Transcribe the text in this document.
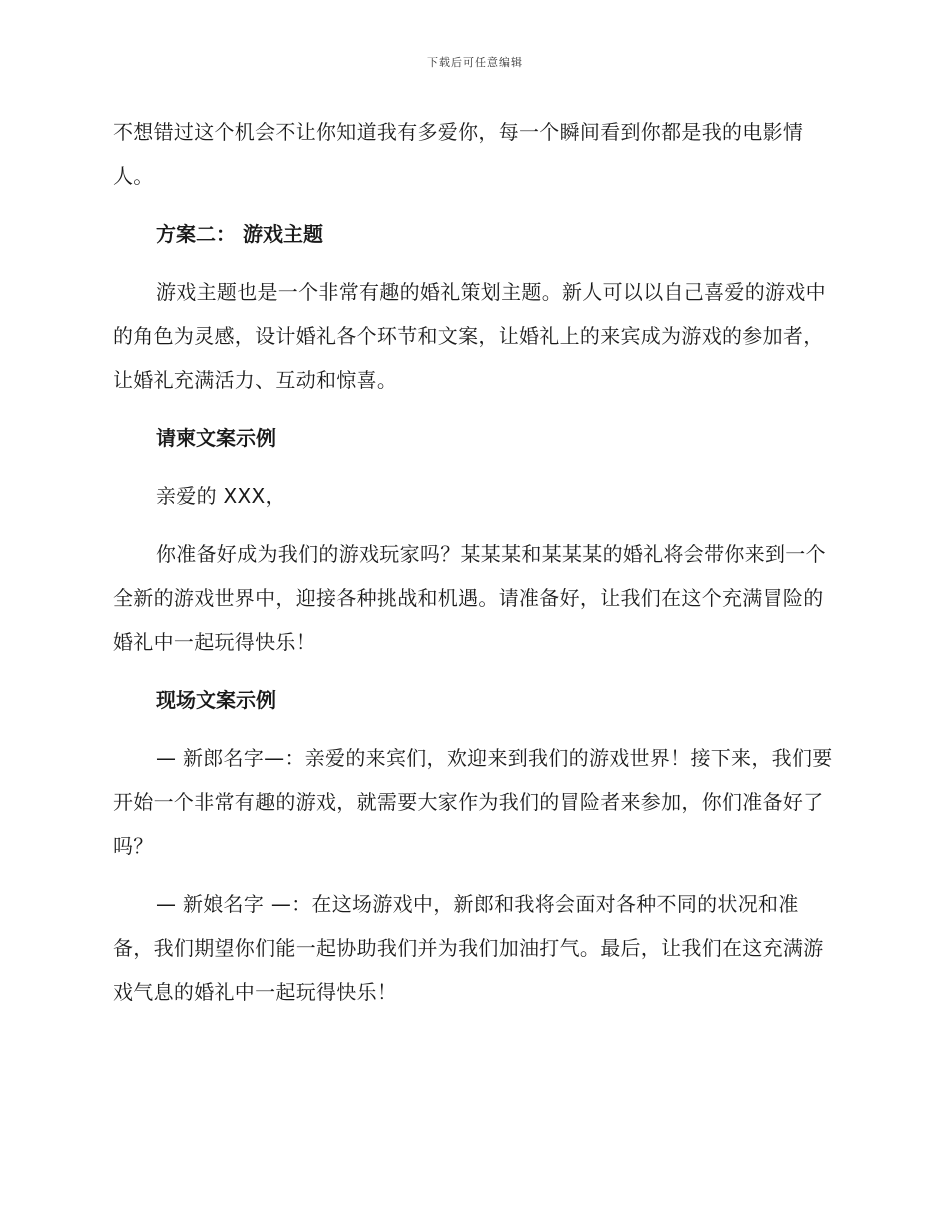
下载后可任意编辑

不想错过这个机会不让你知道我有多爱你，每一个瞬间看到你都是我的电影情人。

方案二： 游戏主题

游戏主题也是一个非常有趣的婚礼策划主题。新人可以以自己喜爱的游戏中的角色为灵感，设计婚礼各个环节和文案，让婚礼上的来宾成为游戏的参加者，让婚礼充满活力、互动和惊喜。

请柬文案示例

亲爱的 XXX，

你准备好成为我们的游戏玩家吗？某某某和某某某的婚礼将会带你来到一个全新的游戏世界中，迎接各种挑战和机遇。请准备好，让我们在这个充满冒险的婚礼中一起玩得快乐！

现场文案示例

— 新郎名字—：亲爱的来宾们，欢迎来到我们的游戏世界！接下来，我们要开始一个非常有趣的游戏，就需要大家作为我们的冒险者来参加，你们准备好了吗？

— 新娘名字 —：在这场游戏中，新郎和我将会面对各种不同的状况和准备，我们期望你们能一起协助我们并为我们加油打气。最后，让我们在这充满游戏气息的婚礼中一起玩得快乐！
